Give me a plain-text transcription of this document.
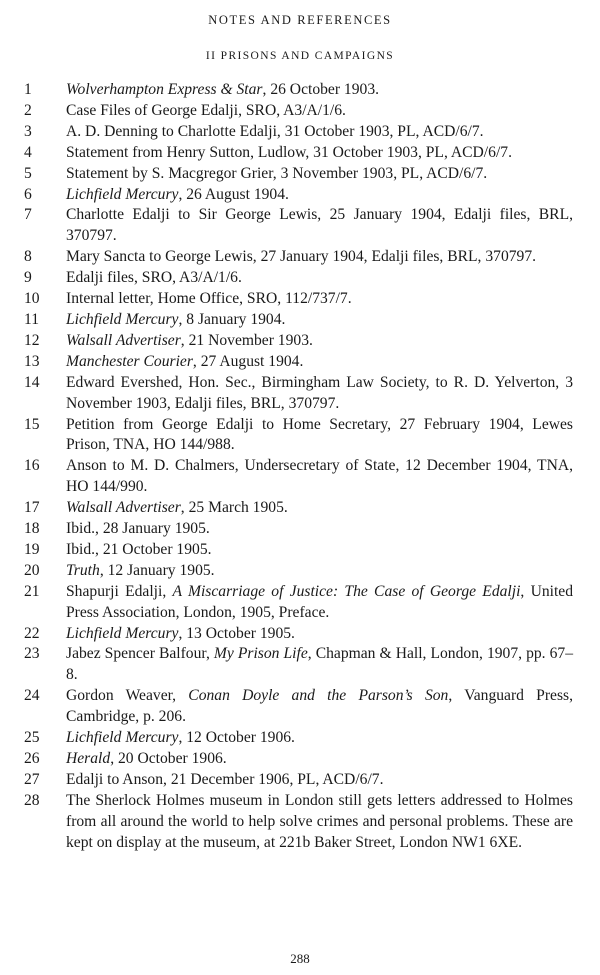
NOTES AND REFERENCES
II PRISONS AND CAMPAIGNS
1	Wolverhampton Express & Star, 26 October 1903.
2	Case Files of George Edalji, SRO, A3/A/1/6.
3	A. D. Denning to Charlotte Edalji, 31 October 1903, PL, ACD/6/7.
4	Statement from Henry Sutton, Ludlow, 31 October 1903, PL, ACD/6/7.
5	Statement by S. Macgregor Grier, 3 November 1903, PL, ACD/6/7.
6	Lichfield Mercury, 26 August 1904.
7	Charlotte Edalji to Sir George Lewis, 25 January 1904, Edalji files, BRL, 370797.
8	Mary Sancta to George Lewis, 27 January 1904, Edalji files, BRL, 370797.
9	Edalji files, SRO, A3/A/1/6.
10	Internal letter, Home Office, SRO, 112/737/7.
11	Lichfield Mercury, 8 January 1904.
12	Walsall Advertiser, 21 November 1903.
13	Manchester Courier, 27 August 1904.
14	Edward Evershed, Hon. Sec., Birmingham Law Society, to R. D. Yelverton, 3 November 1903, Edalji files, BRL, 370797.
15	Petition from George Edalji to Home Secretary, 27 February 1904, Lewes Prison, TNA, HO 144/988.
16	Anson to M. D. Chalmers, Undersecretary of State, 12 December 1904, TNA, HO 144/990.
17	Walsall Advertiser, 25 March 1905.
18	Ibid., 28 January 1905.
19	Ibid., 21 October 1905.
20	Truth, 12 January 1905.
21	Shapurji Edalji, A Miscarriage of Justice: The Case of George Edalji, United Press Association, London, 1905, Preface.
22	Lichfield Mercury, 13 October 1905.
23	Jabez Spencer Balfour, My Prison Life, Chapman & Hall, London, 1907, pp. 67–8.
24	Gordon Weaver, Conan Doyle and the Parson’s Son, Vanguard Press, Cambridge, p. 206.
25	Lichfield Mercury, 12 October 1906.
26	Herald, 20 October 1906.
27	Edalji to Anson, 21 December 1906, PL, ACD/6/7.
28	The Sherlock Holmes museum in London still gets letters addressed to Holmes from all around the world to help solve crimes and personal problems. These are kept on display at the museum, at 221b Baker Street, London NW1 6XE.
288
